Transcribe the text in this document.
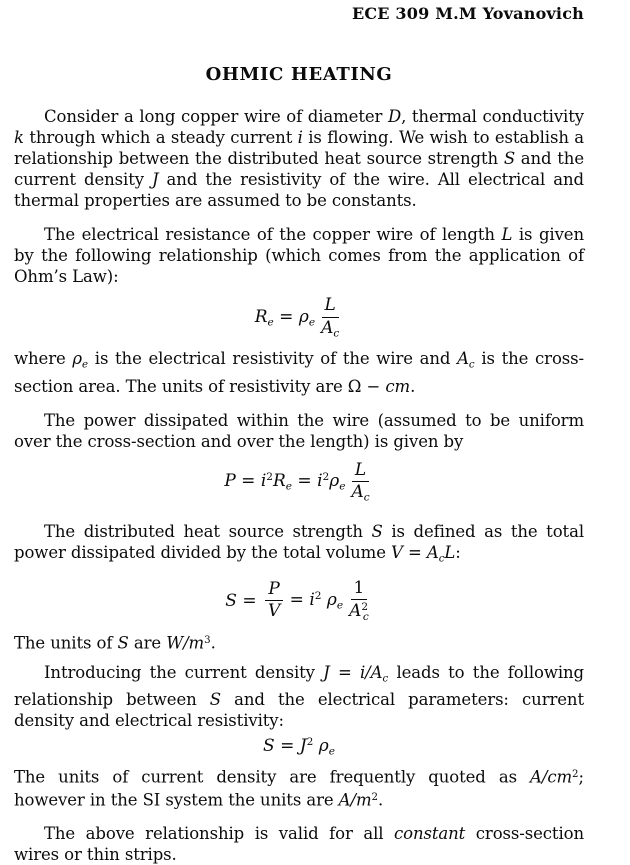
ECE 309 M.M Yovanovich
OHMIC HEATING

Consider a long copper wire of diameter D, thermal conductivity k through which a steady current i is flowing. We wish to establish a relationship between the distributed heat source strength S and the current density J and the resistivity of the wire. All electrical and thermal properties are assumed to be constants.

The electrical resistance of the copper wire of length L is given by the following relationship (which comes from the application of Ohm’s Law):

$R_e = \rho_e \frac{L}{A_c}$

where $\rho_e$ is the electrical resistivity of the wire and $A_c$ is the cross-section area. The units of resistivity are Ω − cm.

The power dissipated within the wire (assumed to be uniform over the cross-section and over the length) is given by

$P = i^2R_e = i^2\rho_e \frac{L}{A_c}$

The distributed heat source strength S is defined as the total power dissipated divided by the total volume $V = A_cL$:

$S = \frac{P}{V} = i^2$ $\rho_e \frac{1}{A^2_c}$

The units of S are $W/m^3$.

Introducing the current density $J = i/A_c$ leads to the following relationship between S and the electrical parameters: current density and electrical resistivity:

$S = J^2$ $\rho_e$

The units of current density are frequently quoted as $A/cm^2$; however in the SI system the units are $A/m^2$.

The above relationship is valid for all constant cross-section wires or thin strips.
